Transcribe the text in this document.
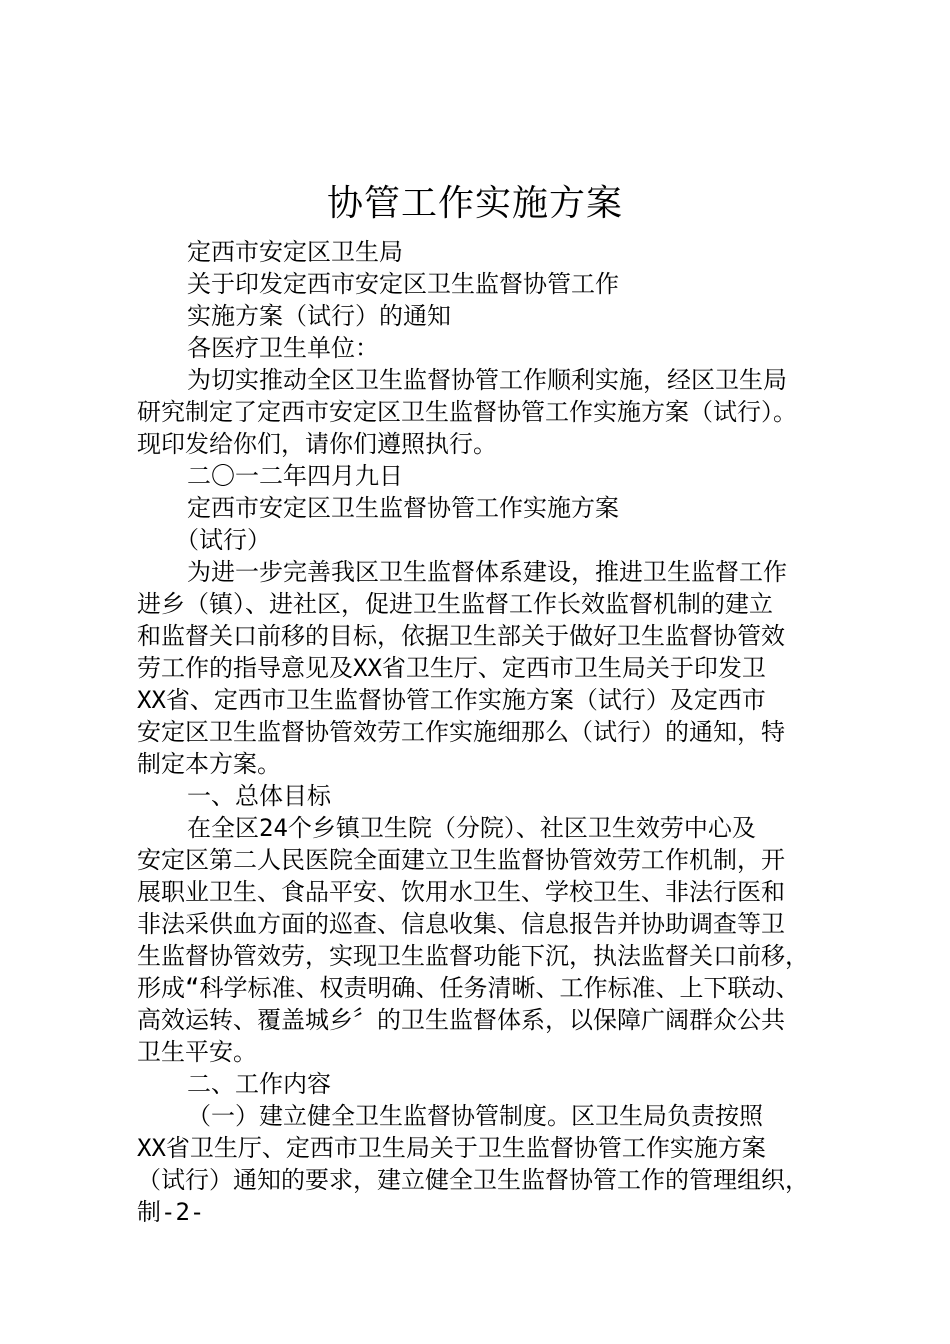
协管工作实施方案
定西市安定区卫生局
关于印发定西市安定区卫生监督协管工作
实施方案（试行）的通知
各医疗卫生单位：
为切实推动全区卫生监督协管工作顺利实施，经区卫生局
研究制定了定西市安定区卫生监督协管工作实施方案（试行）。
现印发给你们，请你们遵照执行。
二〇一二年四月九日
定西市安定区卫生监督协管工作实施方案
（试行）
为进一步完善我区卫生监督体系建设，推进卫生监督工作
进乡（镇）、进社区，促进卫生监督工作长效监督机制的建立
和监督关口前移的目标，依据卫生部关于做好卫生监督协管效
劳工作的指导意见及XX省卫生厅、定西市卫生局关于印发卫
XX省、定西市卫生监督协管工作实施方案（试行）及定西市
安定区卫生监督协管效劳工作实施细那么（试行）的通知，特
制定本方案。
一、总体目标
在全区24个乡镇卫生院（分院）、社区卫生效劳中心及
安定区第二人民医院全面建立卫生监督协管效劳工作机制，开
展职业卫生、食品平安、饮用水卫生、学校卫生、非法行医和
非法采供血方面的巡查、信息收集、信息报告并协助调查等卫
生监督协管效劳，实现卫生监督功能下沉，执法监督关口前移，
形成“科学标准、权责明确、任务清晰、工作标准、上下联动、
高效运转、覆盖城乡〞的卫生监督体系，以保障广阔群众公共
卫生平安。
二、工作内容
（一）建立健全卫生监督协管制度。区卫生局负责按照
XX省卫生厅、定西市卫生局关于卫生监督协管工作实施方案
（试行）通知的要求，建立健全卫生监督协管工作的管理组织，
制-2-
